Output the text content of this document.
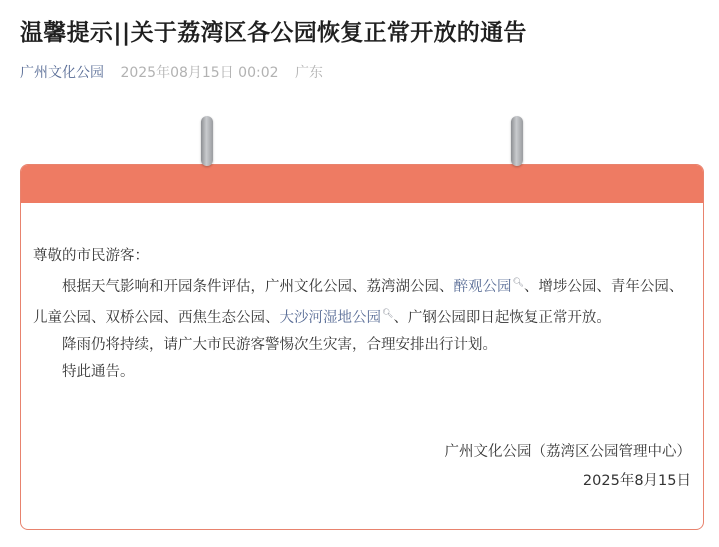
温馨提示||关于荔湾区各公园恢复正常开放的通告
广州文化公园 2025年08月15日 00:02 广东

尊敬的市民游客：

根据天气影响和开园条件评估，广州文化公园、荔湾湖公园、醉观公园🔍︎、增埗公园、青年公园、儿童公园、双桥公园、西焦生态公园、大沙河湿地公园🔍︎、广钢公园即日起恢复正常开放。

降雨仍将持续，请广大市民游客警惕次生灾害，合理安排出行计划。

特此通告。

广州文化公园（荔湾区公园管理中心）

2025年8月15日
